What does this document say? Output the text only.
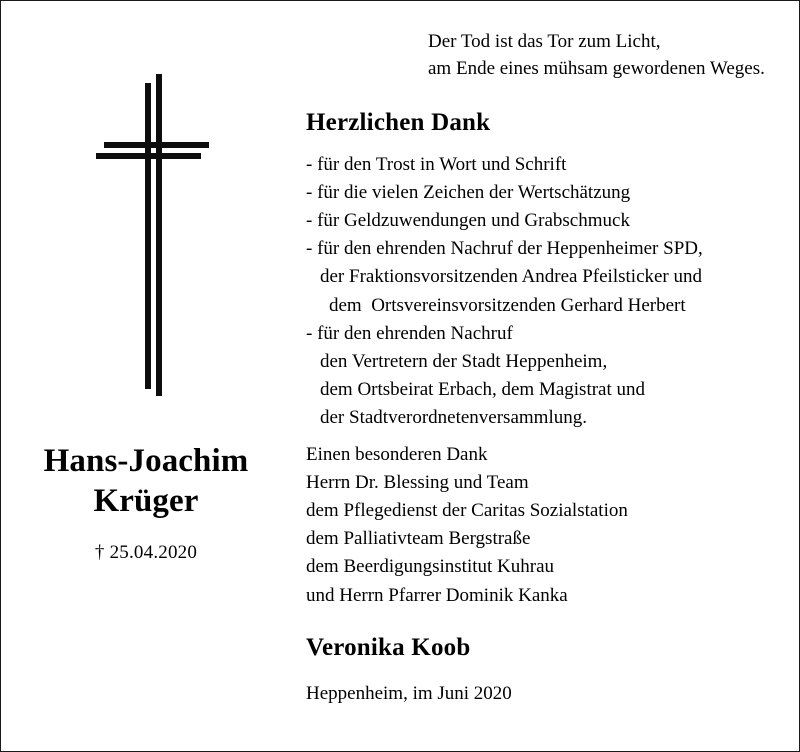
Hans-Joachim
Krüger
† 25.04.2020
Der Tod ist das Tor zum Licht,
am Ende eines mühsam gewordenen Weges.
Herzlichen Dank
- für den Trost in Wort und Schrift
- für die vielen Zeichen der Wertschätzung
- für Geldzuwendungen und Grabschmuck
- für den ehrenden Nachruf der Heppenheimer SPD,
der Fraktionsvorsitzenden Andrea Pfeilsticker und
dem  Ortsvereinsvorsitzenden Gerhard Herbert
- für den ehrenden Nachruf
den Vertretern der Stadt Heppenheim,
dem Ortsbeirat Erbach, dem Magistrat und
der Stadtverordnetenversammlung.
Einen besonderen Dank
Herrn Dr. Blessing und Team
dem Pflegedienst der Caritas Sozialstation
dem Palliativteam Bergstraße
dem Beerdigungsinstitut Kuhrau
und Herrn Pfarrer Dominik Kanka
Veronika Koob
Heppenheim, im Juni 2020
